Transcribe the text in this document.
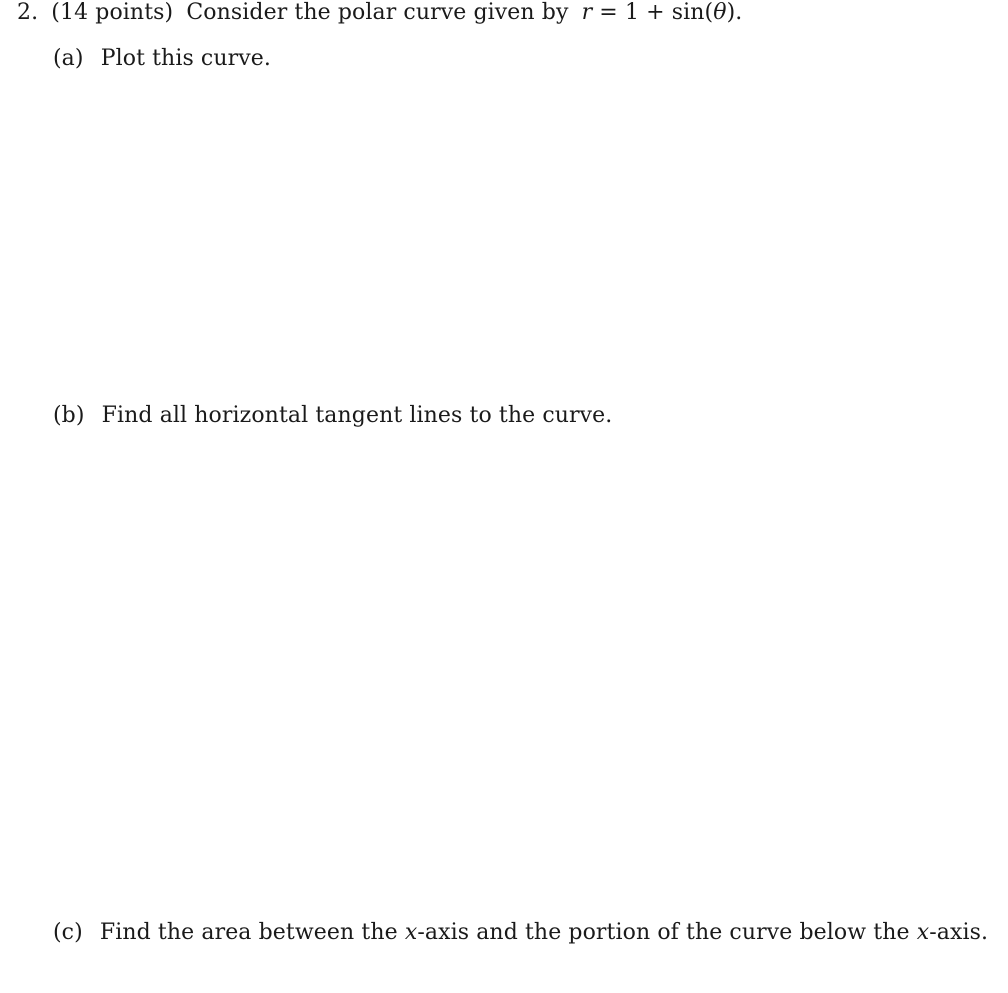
2. (14 points) Consider the polar curve given by r = 1 + sin(θ).
(a) Plot this curve.
(b) Find all horizontal tangent lines to the curve.
(c) Find the area between the x-axis and the portion of the curve below the x-axis.
